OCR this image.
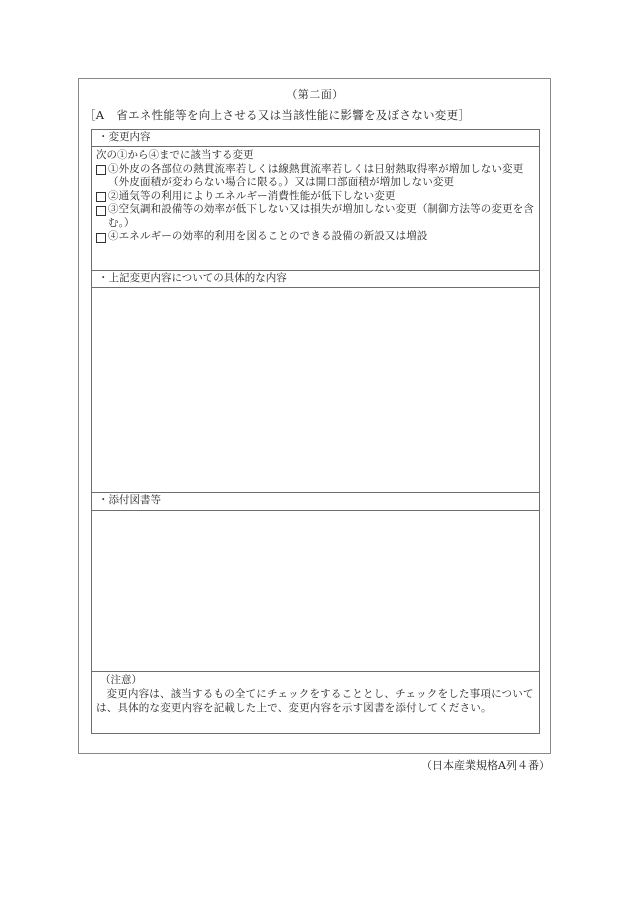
（第二面）
［A　省エネ性能等を向上させる又は当該性能に影響を及ぼさない変更］
・変更内容
次の①から④までに該当する変更
①外皮の各部位の熱貫流率若しくは線熱貫流率若しくは日射熱取得率が増加しない変更（外皮面積が変わらない場合に限る。）又は開口部面積が増加しない変更
②通気等の利用によりエネルギー消費性能が低下しない変更
③空気調和設備等の効率が低下しない又は損失が増加しない変更（制御方法等の変更を含む。）
④エネルギーの効率的利用を図ることのできる設備の新設又は増設
・上記変更内容についての具体的な内容
・添付図書等
（注意）
変更内容は、該当するもの全てにチェックをすることとし、チェックをした事項については、具体的な変更内容を記載した上で、変更内容を示す図書を添付してください。
（日本産業規格A列４番）
